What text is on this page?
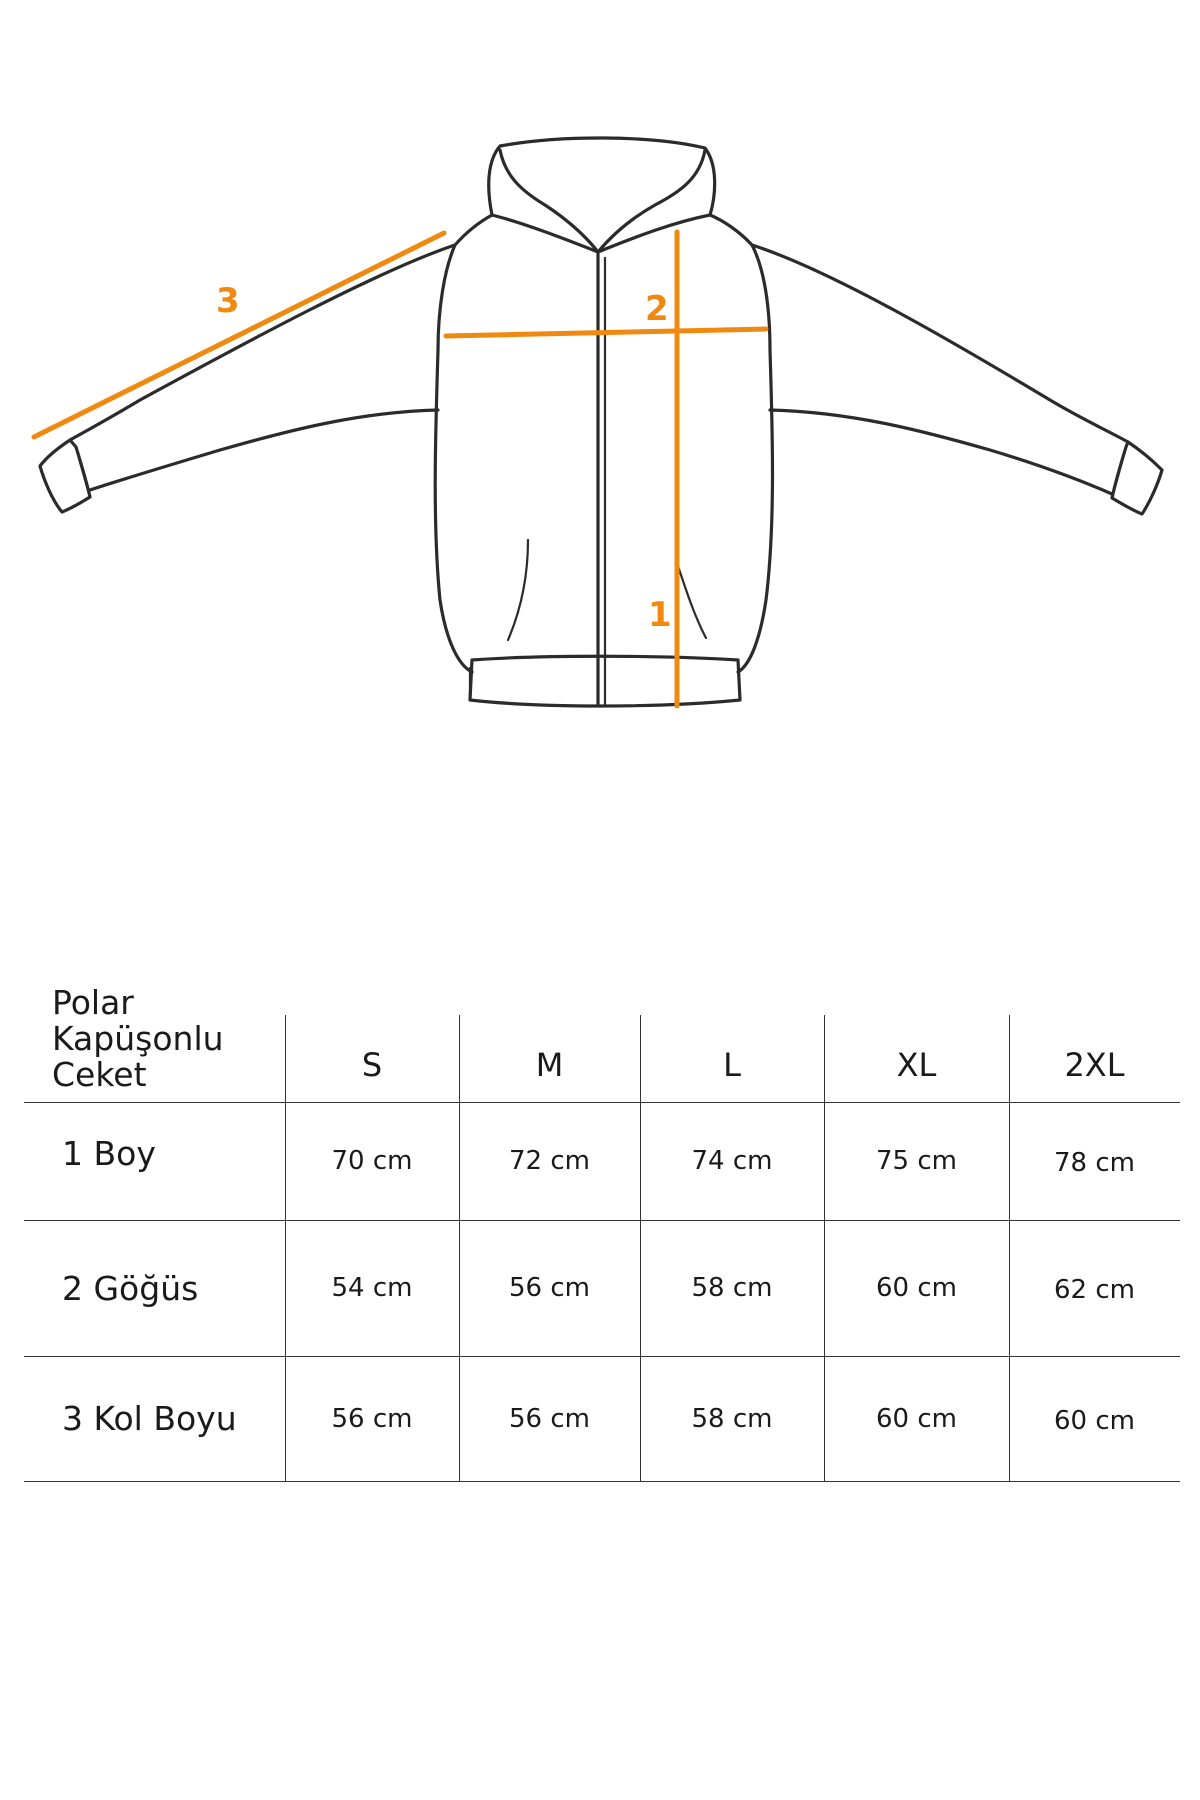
3	2
1
Polar
Kapüşonlu
Ceket	S	M	L	XL	2XL
1 Boy	70 cm	72 cm	74 cm	75 cm	78 cm
2 Göğüs	54 cm	56 cm	58 cm	60 cm	62 cm
3 Kol Boyu	56 cm	56 cm	58 cm	60 cm	60 cm
